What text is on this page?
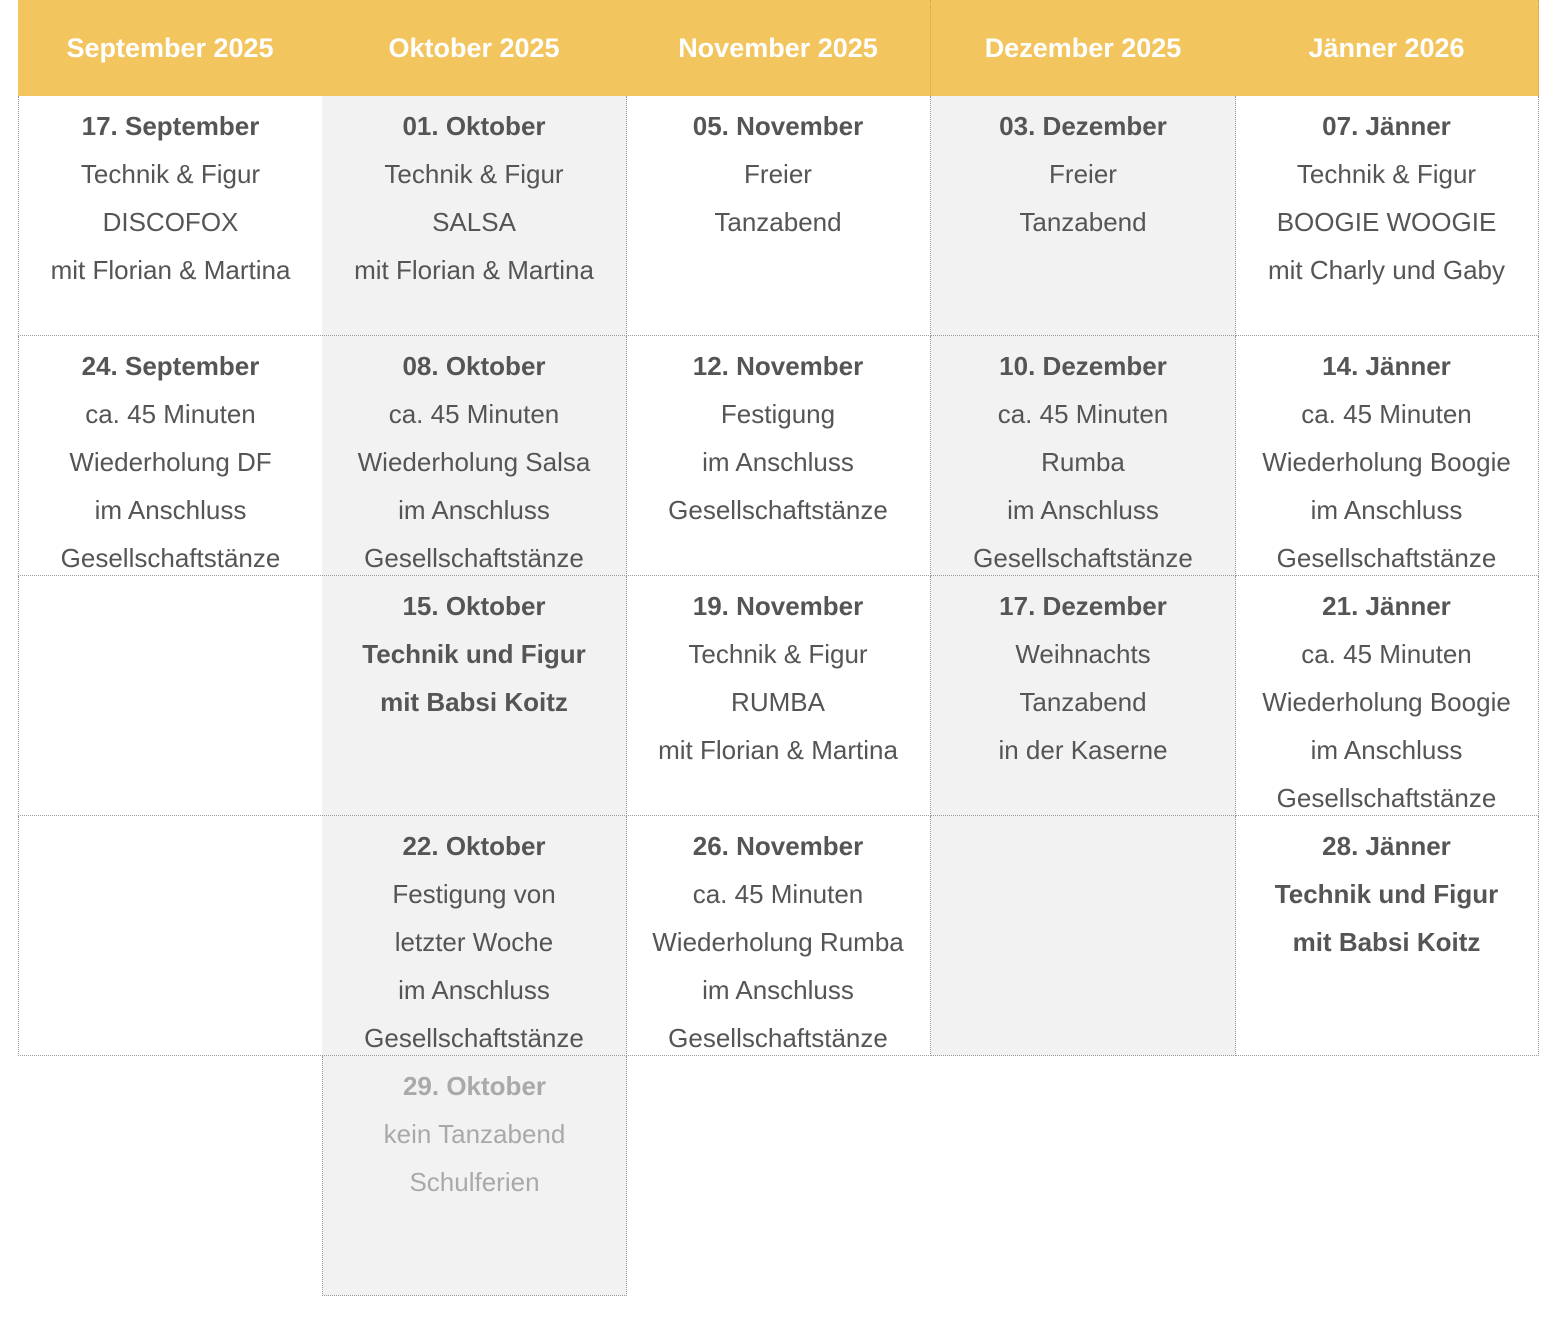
September 2025
17. September
Technik & Figur
DISCOFOX
mit Florian & Martina
24. September
ca. 45 Minuten
Wiederholung DF
im Anschluss
Gesellschaftstänze
Oktober 2025
01. Oktober
Technik & Figur
SALSA
mit Florian & Martina
08. Oktober
ca. 45 Minuten
Wiederholung Salsa
im Anschluss
Gesellschaftstänze
15. Oktober
Technik und Figur
mit Babsi Koitz
22. Oktober
Festigung von
letzter Woche
im Anschluss
Gesellschaftstänze
29. Oktober
kein Tanzabend
Schulferien
November 2025
05. November
Freier
Tanzabend
12. November
Festigung
im Anschluss
Gesellschaftstänze
19. November
Technik & Figur
RUMBA
mit Florian & Martina
26. November
ca. 45 Minuten
Wiederholung Rumba
im Anschluss
Gesellschaftstänze
Dezember 2025
03. Dezember
Freier
Tanzabend
10. Dezember
ca. 45 Minuten
Rumba
im Anschluss
Gesellschaftstänze
17. Dezember
Weihnachts
Tanzabend
in der Kaserne
Jänner 2026
07. Jänner
Technik & Figur
BOOGIE WOOGIE
mit Charly und Gaby
14. Jänner
ca. 45 Minuten
Wiederholung Boogie
im Anschluss
Gesellschaftstänze
21. Jänner
ca. 45 Minuten
Wiederholung Boogie
im Anschluss
Gesellschaftstänze
28. Jänner
Technik und Figur
mit Babsi Koitz
